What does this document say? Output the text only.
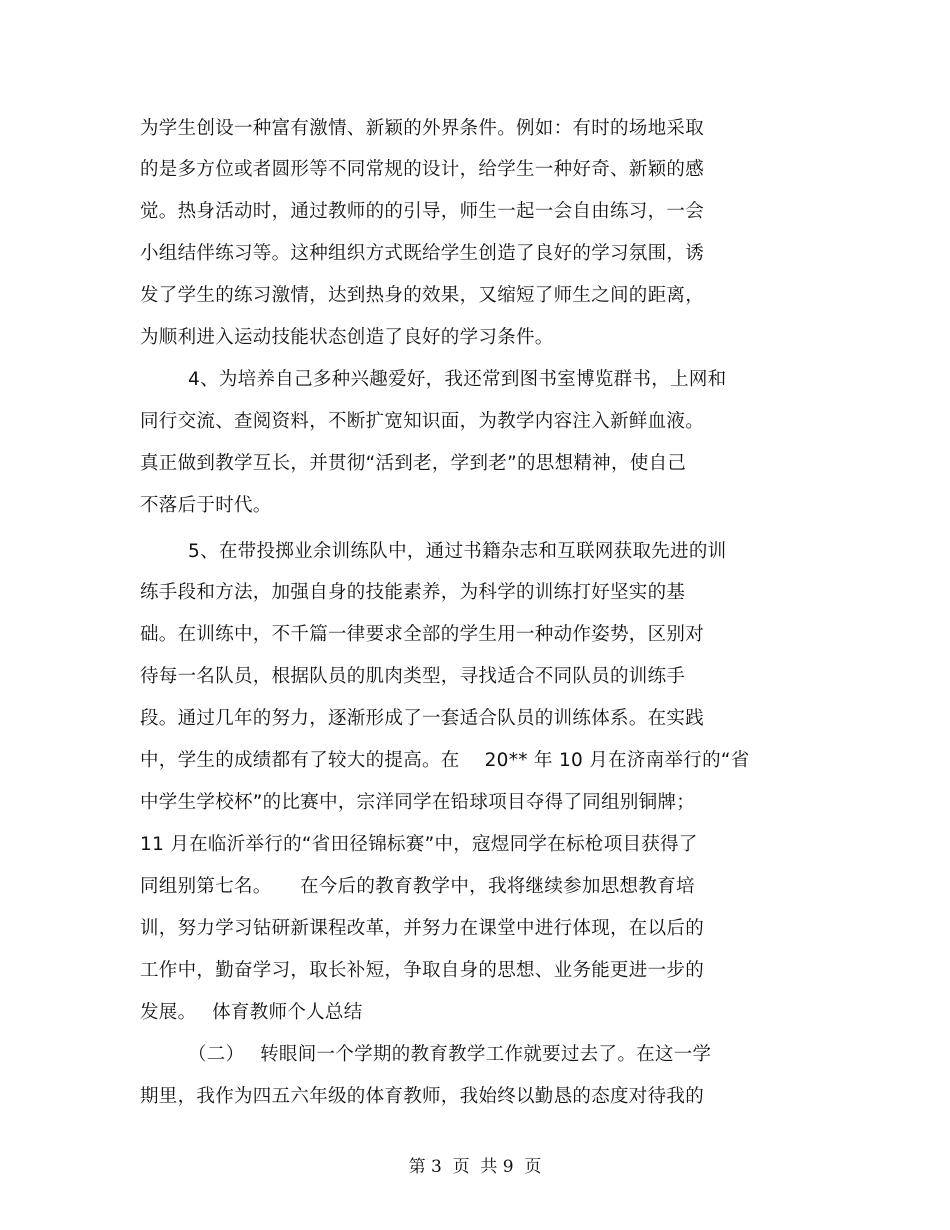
为学生创设一种富有激情、新颖的外界条件。例如：有时的场地采取
的是多方位或者圆形等不同常规的设计，给学生一种好奇、新颖的感
觉。热身活动时，通过教师的的引导，师生一起一会自由练习，一会
小组结伴练习等。这种组织方式既给学生创造了良好的学习氛围，诱
发了学生的练习激情，达到热身的效果，又缩短了师生之间的距离，
为顺利进入运动技能状态创造了良好的学习条件。
4、为培养自己多种兴趣爱好，我还常到图书室博览群书，上网和
同行交流、查阅资料，不断扩宽知识面，为教学内容注入新鲜血液。
真正做到教学互长，并贯彻“活到老，学到老”的思想精神，使自己
不落后于时代。
5、在带投掷业余训练队中，通过书籍杂志和互联网获取先进的训
练手段和方法，加强自身的技能素养，为科学的训练打好坚实的基
础。在训练中，不千篇一律要求全部的学生用一种动作姿势，区别对
待每一名队员，根据队员的肌肉类型，寻找适合不同队员的训练手
段。通过几年的努力，逐渐形成了一套适合队员的训练体系。在实践
中，学生的成绩都有了较大的提高。在　 20** 年 10 月在济南举行的“省
中学生学校杯”的比赛中，宗洋同学在铅球项目夺得了同组别铜牌；
11 月在临沂举行的“省田径锦标赛”中，寇煜同学在标枪项目获得了
同组别第七名。　　在今后的教育教学中，我将继续参加思想教育培
训，努力学习钻研新课程改革，并努力在课堂中进行体现，在以后的
工作中，勤奋学习，取长补短，争取自身的思想、业务能更进一步的
发展。　 体育教师个人总结
（二）　 转眼间一个学期的教育教学工作就要过去了。在这一学
期里，我作为四五六年级的体育教师，我始终以勤恳的态度对待我的
第 3  页  共 9  页
